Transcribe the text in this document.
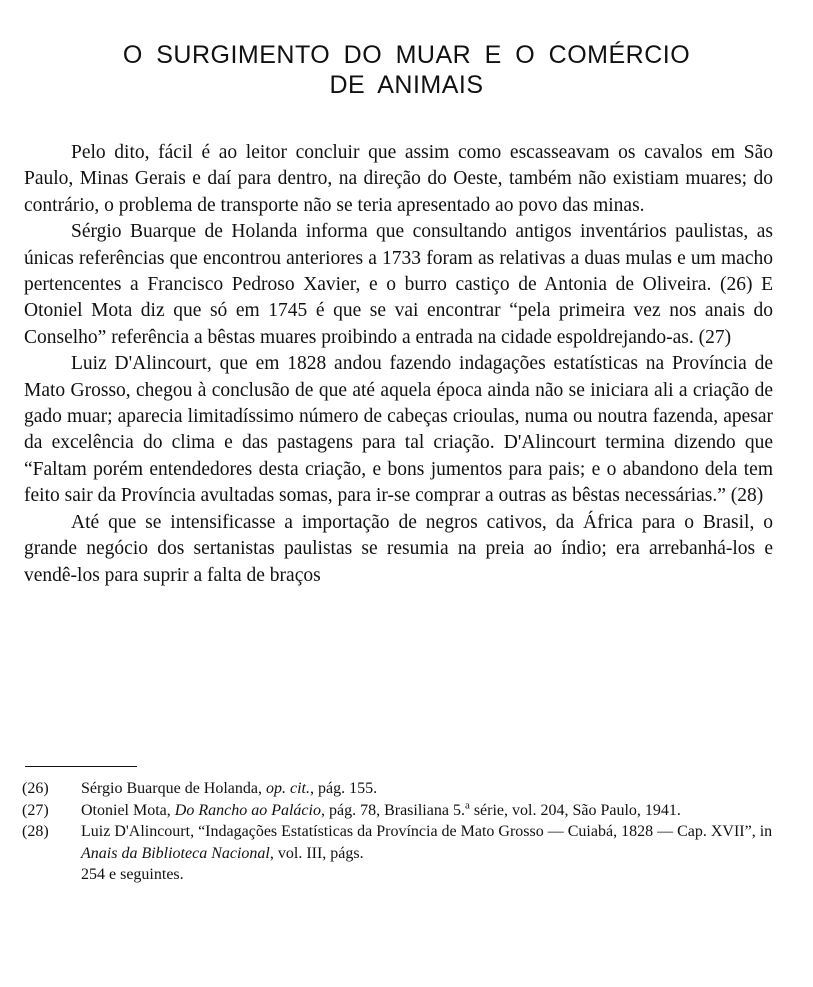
O SURGIMENTO DO MUAR E O COMÉRCIO
DE ANIMAIS

Pelo dito, fácil é ao leitor concluir que assim como escasseavam os cavalos em São Paulo, Minas Gerais e daí para dentro, na direção do Oeste, também não existiam muares; do contrário, o problema de transporte não se teria apresentado ao povo das minas.

Sérgio Buarque de Holanda informa que consultando antigos inventários paulistas, as únicas referências que encontrou anteriores a 1733 foram as relativas a duas mulas e um macho pertencentes a Francisco Pedroso Xavier, e o burro castiço de Antonia de Oliveira. (26) E Otoniel Mota diz que só em 1745 é que se vai encontrar “pela primeira vez nos anais do Conselho” referência a bêstas muares proibindo a entrada na cidade espoldrejando-as. (27)

Luiz D'Alincourt, que em 1828 andou fazendo indagações estatísticas na Província de Mato Grosso, chegou à conclusão de que até aquela época ainda não se iniciara ali a criação de gado muar; aparecia limitadíssimo número de cabeças crioulas, numa ou noutra fazenda, apesar da excelência do clima e das pastagens para tal criação. D'Alincourt termina dizendo que “Faltam porém entendedores desta criação, e bons jumentos para pais; e o abandono dela tem feito sair da Província avultadas somas, para ir-se comprar a outras as bêstas necessárias.” (28)

Até que se intensificasse a importação de negros cativos, da África para o Brasil, o grande negócio dos sertanistas paulistas se resumia na preia ao índio; era arrebanhá-los e vendê-los para suprir a falta de braços

(26)	Sérgio Buarque de Holanda, op. cit., pág. 155.
(27)	Otoniel Mota, Do Rancho ao Palácio, pág. 78, Brasiliana 5.$^a$ série, vol. 204, São Paulo, 1941.
(28)	Luiz D'Alincourt, “Indagações Estatísticas da Província de Mato Grosso — Cuiabá, 1828 — Cap. XVII”, in Anais da Biblioteca Nacional, vol. III, págs.
254 e seguintes.
